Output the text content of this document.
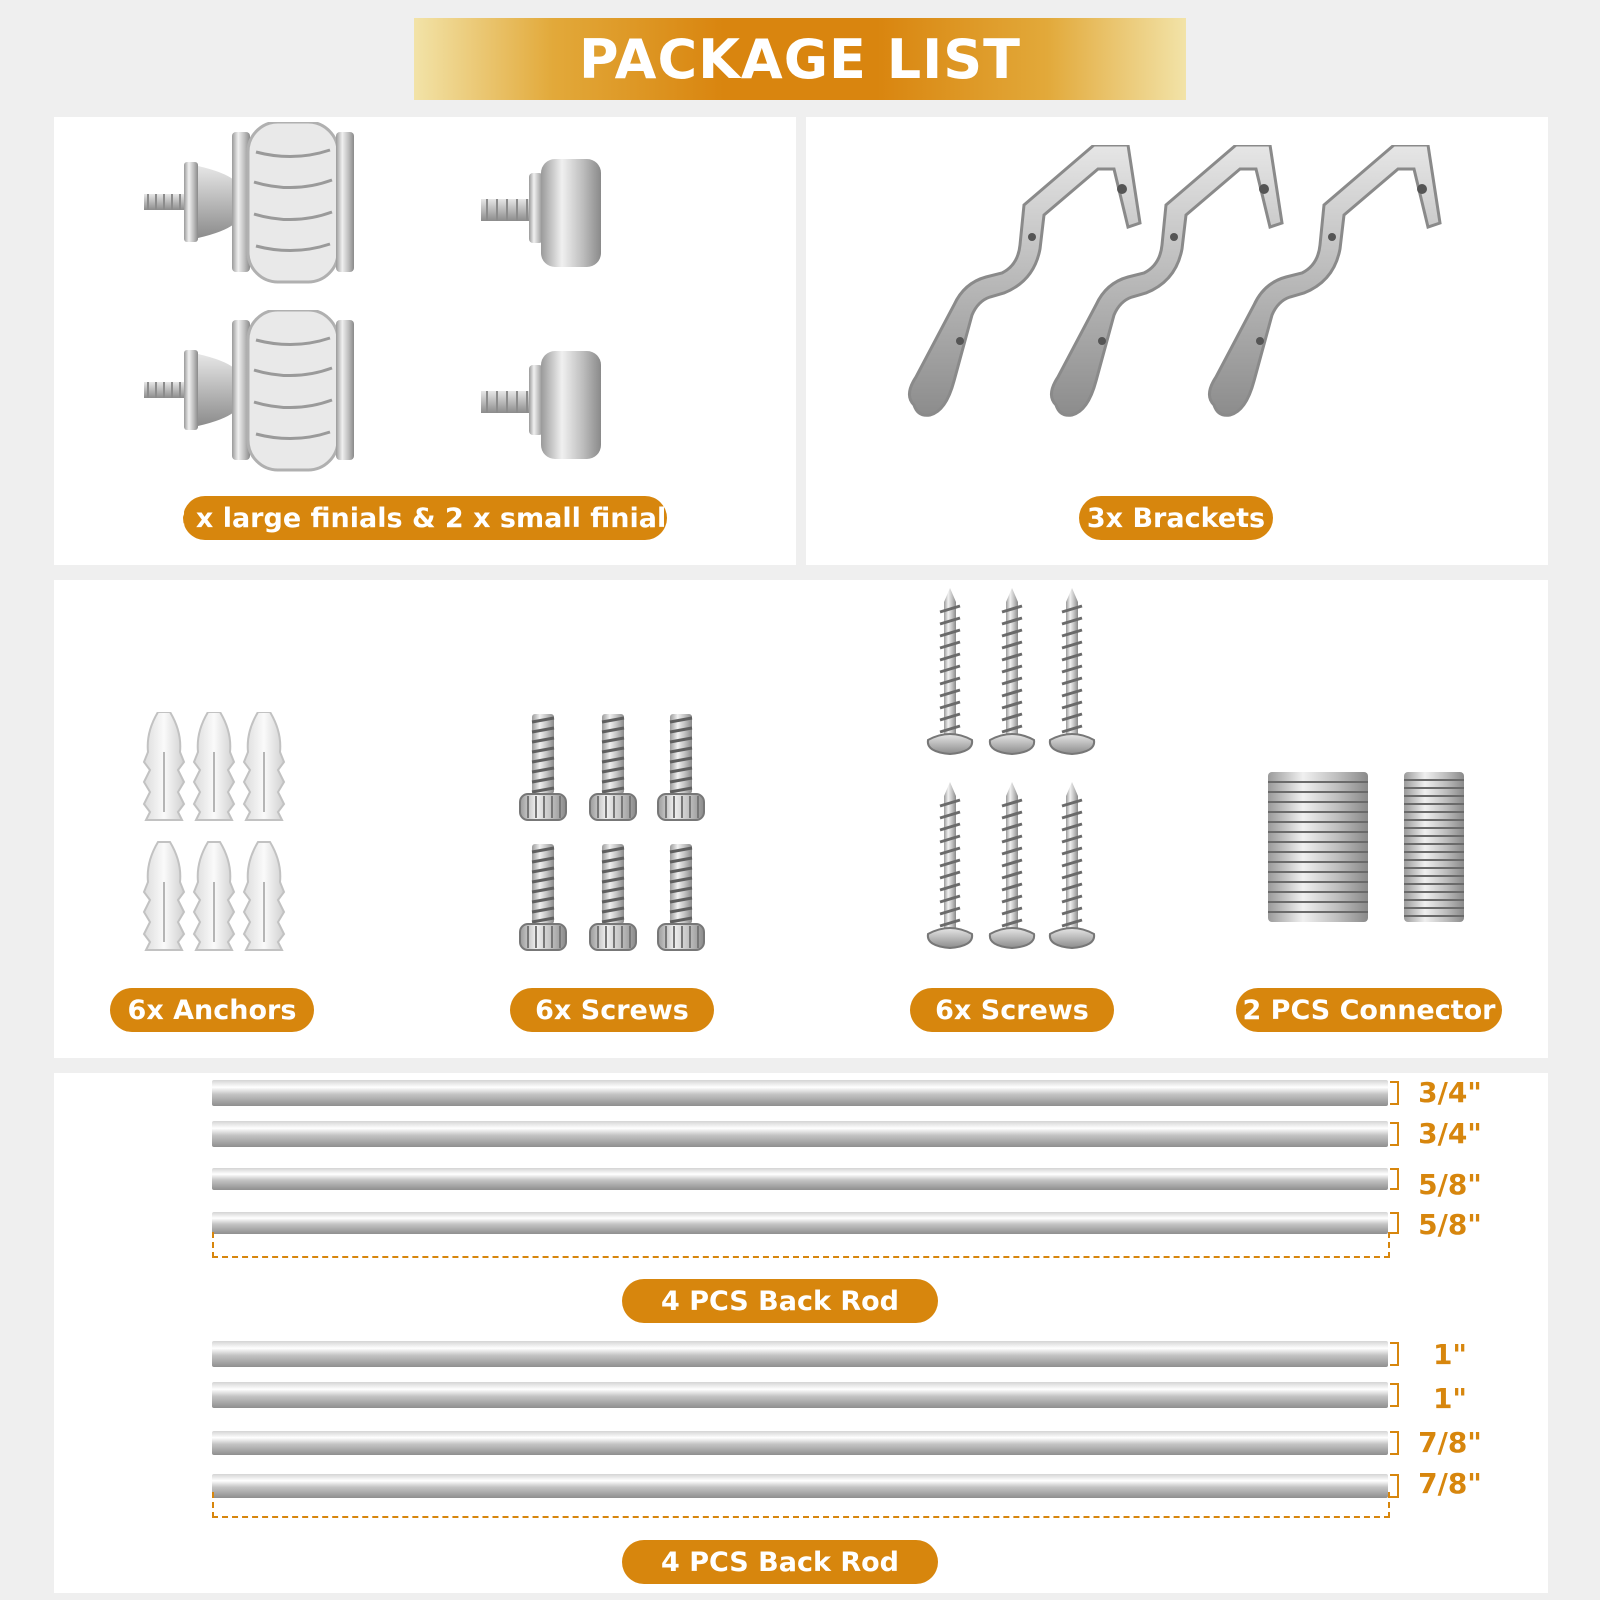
PACKAGE LIST
2 x large finials & 2 x small finials	3x Brackets
6x Anchors	6x Screws	6x Screws	2 PCS Connector
3/4"
3/4"
5/8"
5/8"
4 PCS Back Rod
1"
1"
7/8"
7/8"
4 PCS Back Rod
